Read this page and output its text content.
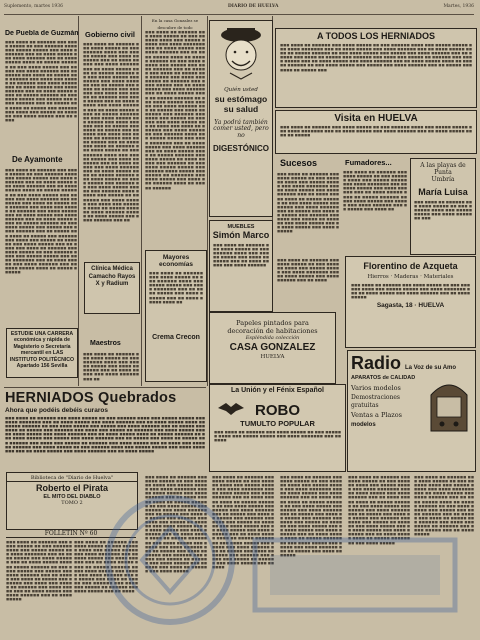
Suplemento, martes 1936	DIARIO DE HUELVA	Martes, 1936
De Puebla de Guzmán
■■■ ■■■■ ■■ ■■■■■■ ■■■ ■■■■ ■■■■■ ■■ ■■■ ■■■■■■ ■■■■ ■■■ ■■■■■ ■■■■■ ■■■ ■■■■ ■■■■■■■ ■■■ ■■ ■■■■ ■■■■■ ■■■ ■■■■ ■■■■■■ ■■■ ■■ ■■■■ ■■■■■ ■■■■ ■■ ■■■■■ ■■■■■■ ■■ ■■■ ■■■■ ■■■■■ ■■■ ■■■■■ ■■■ ■■■■ ■■■■■■ ■■■ ■■ ■■■■■ ■■■ ■■■■ ■■ ■■■■■ ■■■ ■■■■■■ ■■■ ■■■■ ■■■ ■■■■■ ■■ ■■■■■■ ■■■ ■■■■ ■■■■■ ■■■ ■■ ■■■■ ■■■■■ ■■■ ■■■■ ■■■■■■ ■■■ ■■ ■■■■ ■■■■■ ■■■■ ■■ ■■■■■ ■■■■■■ ■■ ■■■ ■■■■ ■■■■■ ■■■ ■■■■■ ■■■ ■■■■ ■■■■■■ ■■■ ■■ ■■■■■ ■■■ ■■■■ ■■ ■■■■■ ■■■ ■■■■■■ ■■■ ■■■■ ■■■ ■■■■■ ■■ ■■■■■■ ■■■ ■■■■ ■■■■■ ■■■ ■■ ■■■■
De Ayamonte
■■■ ■■■■ ■■ ■■■■■■ ■■■ ■■■■ ■■■■■ ■■ ■■■ ■■■■■■ ■■■■ ■■■ ■■■■■ ■■■■■ ■■■ ■■■■ ■■■■■■■ ■■■ ■■ ■■■■ ■■■■■ ■■■ ■■■■ ■■■■■■ ■■■ ■■ ■■■■ ■■■■■ ■■■■ ■■ ■■■■■ ■■■■■■ ■■ ■■■ ■■■■ ■■■■■ ■■■ ■■■■■ ■■■ ■■■■ ■■■■■■ ■■■ ■■ ■■■■■ ■■■ ■■■■ ■■ ■■■■■ ■■■ ■■■■■■ ■■■ ■■■■ ■■■ ■■■■■ ■■ ■■■■■■ ■■■ ■■■■ ■■■■■ ■■■ ■■ ■■■■ ■■■■■ ■■■ ■■■■ ■■■■■■ ■■■ ■■ ■■■■ ■■■■■ ■■■■ ■■ ■■■■■ ■■■■■■ ■■ ■■■ ■■■■ ■■■■■ ■■■ ■■■■■ ■■■ ■■■■ ■■■■■■ ■■■ ■■ ■■■■■ ■■■ ■■■■ ■■ ■■■■■ ■■■ ■■■■■■ ■■■ ■■■■ ■■■ ■■■■■ ■■ ■■■■■■ ■■■ ■■■■ ■■■■■ ■■■ ■■ ■■■■ ■■■ ■■■■ ■■ ■■■■■■ ■■■ ■■■■ ■■■■■ ■■ ■■■ ■■■■■■ ■■■■ ■■■ ■■■■■ ■■■■■ ■■■ ■■■■ ■■■■■■■ ■■■ ■■ ■■■■ ■■■■■ ■■■ ■■■■ ■■■■■■ ■■■ ■■ ■■■■ ■■■■■ ■■■■ ■■ ■■■■■ ■■■■■■
ESTUDIE UNA CARRERA económica y rápida de Magisterio o Secretaría mercantil en LAS INSTITUTO POLITÉCNICO Apartado 156 Sevilla
Gobierno civil
■■■ ■■■■ ■■ ■■■■■■ ■■■ ■■■■ ■■■■■ ■■ ■■■ ■■■■■■ ■■■■ ■■■ ■■■■■ ■■■■■ ■■■ ■■■■ ■■■■■■■ ■■■ ■■ ■■■■ ■■■■■ ■■■ ■■■■ ■■■■■■ ■■■ ■■ ■■■■ ■■■■■ ■■■■ ■■ ■■■■■ ■■■■■■ ■■ ■■■ ■■■■ ■■■■■ ■■■ ■■■■■ ■■■ ■■■■ ■■■■■■ ■■■ ■■ ■■■■■ ■■■ ■■■■ ■■ ■■■■■ ■■■ ■■■■■■ ■■■ ■■■■ ■■■ ■■■■■ ■■ ■■■■■■ ■■■ ■■■■ ■■■■■ ■■■ ■■ ■■■■ ■■■■■ ■■■ ■■■■ ■■■■■■ ■■■ ■■ ■■■■ ■■■■■ ■■■■ ■■ ■■■■■ ■■■■■■ ■■ ■■■ ■■■■ ■■■■■ ■■■ ■■■■■ ■■■ ■■■■ ■■■■■■ ■■■ ■■ ■■■■■ ■■■ ■■■■ ■■ ■■■■■ ■■■ ■■■■■■ ■■■ ■■■■ ■■■ ■■■■■ ■■ ■■■■■■ ■■■ ■■■■ ■■■■■ ■■■ ■■ ■■■■ ■■■ ■■■■ ■■ ■■■■■■ ■■■ ■■■■ ■■■■■ ■■ ■■■ ■■■■■■ ■■■■ ■■■ ■■■■■ ■■■■■ ■■■ ■■■■ ■■■■■■■ ■■■ ■■ ■■■■ ■■■■■ ■■■ ■■■■ ■■■■■■ ■■■ ■■ ■■■■ ■■■■■ ■■■■ ■■ ■■■■■ ■■■■■■ ■■■ ■■■■ ■■■■■ ■■ ■■■■ ■■■■■ ■■■ ■■■■■■ ■■ ■■■ ■■■■ ■■■■■ ■■■■■ ■■■ ■■■■■■ ■■■■ ■■■■■ ■■■ ■■■■■ ■■ ■■■■■■■ ■■■ ■■■■ ■■■■■ ■■■ ■■■■ ■■■ ■■■■■■ ■■■■ ■■ ■■■■■ ■■■■■■ ■■■■ ■■■■■■ ■■■■■ ■■ ■■■■ ■■■■■ ■■■ ■■■■ ■■■■■■ ■■■ ■■
Clínica Médica Camacho Rayos X y Radium
Maestros
■■■ ■■■■ ■■ ■■■■■■ ■■■ ■■■■ ■■■■■ ■■ ■■■ ■■■■■■ ■■■■ ■■■ ■■■■■ ■■■■■ ■■■ ■■■■ ■■■■■■■ ■■■ ■■ ■■■■ ■■■■■ ■■■ ■■■■ ■■■■■■ ■■■ ■■
En la casa Gonzalez se descubre de todo
Quién usted
su estómago
su salud
Ya podrá también
comer usted, pero no
DIGESTÓNICO
■■■ ■■■■ ■■ ■■■■■■ ■■■ ■■■■ ■■■■■ ■■ ■■■ ■■■■■■ ■■■■ ■■■ ■■■■■ ■■■■■ ■■■ ■■■■ ■■■■■■■ ■■■ ■■ ■■■■ ■■■■■ ■■■ ■■■■ ■■■■■■ ■■■ ■■ ■■■■ ■■■■■ ■■■■ ■■ ■■■■■ ■■■■■■ ■■ ■■■ ■■■■ ■■■■■ ■■■ ■■■■■ ■■■ ■■■■ ■■■■■■ ■■■ ■■ ■■■■■ ■■■ ■■■■ ■■ ■■■■■ ■■■ ■■■■■■ ■■■ ■■■■ ■■■ ■■■■■ ■■ ■■■■■■ ■■■ ■■■■ ■■■■■ ■■■ ■■ ■■■■ ■■■■■ ■■■ ■■■■ ■■■■■■ ■■■ ■■ ■■■■ ■■■■■ ■■■■ ■■ ■■■■■ ■■■■■■ ■■ ■■■ ■■■■ ■■■■■ ■■■ ■■■■■ ■■■ ■■■■ ■■■■■■ ■■■ ■■ ■■■■■ ■■■ ■■■■ ■■ ■■■■■ ■■■ ■■■■■■ ■■■ ■■■■ ■■■ ■■■■■ ■■ ■■■■■■ ■■■ ■■■■ ■■■■■ ■■■ ■■ ■■■■ ■■■ ■■■■ ■■ ■■■■■■ ■■■ ■■■■ ■■■■■ ■■ ■■■ ■■■■■■ ■■■■ ■■■ ■■■■■ ■■■■■ ■■■ ■■■■ ■■■■■■■ ■■■ ■■ ■■■■ ■■■■■ ■■■ ■■■■ ■■■■■■ ■■■ ■■ ■■■■ ■■■■■ ■■■■ ■■ ■■■■■ ■■■■■■ ■■■ ■■■■ ■■■■■ ■■ ■■■■ ■■■■■ ■■■ ■■■■■■ ■■ ■■■ ■■■■ ■■■■■ ■■■■■ ■■■ ■■■■■■ ■■■■ ■■■■■ ■■■ ■■■■■ ■■ ■■■■■■■ ■■■ ■■■■ ■■■■■ ■■■ ■■■■ ■■■ ■■■■■■ ■■■■ ■■ ■■■■■ ■■■■■■
Mayores economías
■■■ ■■■■ ■■ ■■■■■■ ■■■ ■■■■ ■■■■■ ■■ ■■■ ■■■■■■ ■■■■ ■■■ ■■■■■ ■■■■■ ■■■ ■■■■ ■■■■■■■ ■■■ ■■ ■■■■ ■■■■■ ■■■ ■■■■ ■■■■■■ ■■■ ■■ ■■■■ ■■■■■ ■■■■ ■■
Crema Crecon
MUEBLES
Simón Marco
■■■ ■■■■ ■■ ■■■■■■ ■■■ ■■■■ ■■■■■ ■■ ■■■ ■■■■■■ ■■■■ ■■■ ■■■■■ ■■■■■ ■■■ ■■■■ ■■■■■■■ ■■■ ■■ ■■■■ ■■■■■ ■■■ ■■■■ ■■■■■■
Papeles pintados para
decoración de habitaciones
Espléndida colección
CASA GONZALEZ
HUELVA
A TODOS LOS HERNIADOS
■■■ ■■■■ ■■ ■■■■■■ ■■■ ■■■■ ■■■■■ ■■ ■■■ ■■■■■■ ■■■■ ■■■ ■■■■■ ■■■■■ ■■■ ■■■■ ■■■■■■■ ■■■ ■■ ■■■■ ■■■■■ ■■■ ■■■■ ■■■■■■ ■■■ ■■ ■■■■ ■■■■■ ■■■■ ■■ ■■■■■ ■■■■■■ ■■ ■■■ ■■■■ ■■■■■ ■■■ ■■■■■ ■■■ ■■■■ ■■■■■■ ■■■ ■■ ■■■■■ ■■■ ■■■■ ■■ ■■■■■ ■■■ ■■■■■■ ■■■ ■■■■ ■■■ ■■■■■ ■■ ■■■■■■ ■■■ ■■■■ ■■■■■ ■■■ ■■ ■■■■ ■■■■■ ■■■ ■■■■ ■■■■■■ ■■■ ■■ ■■■■ ■■■■■ ■■■■ ■■ ■■■■■ ■■■■■■ ■■ ■■■ ■■■■ ■■■■■ ■■■ ■■■■■ ■■■ ■■■■ ■■■■■■ ■■■ ■■ ■■■■■ ■■■ ■■■■ ■■ ■■■■■ ■■■
Visita en HUELVA
■■■ ■■■■ ■■ ■■■■■■ ■■■ ■■■■ ■■■■■ ■■ ■■■ ■■■■■■ ■■■■ ■■■ ■■■■■ ■■■■■ ■■■ ■■■■ ■■■■■■■ ■■■ ■■ ■■■■ ■■■■■ ■■■ ■■■■ ■■■■■■ ■■■ ■■ ■■■■ ■■■■■ ■■■■ ■■ ■■■■■
Sucesos
■■■ ■■■■ ■■ ■■■■■■ ■■■ ■■■■ ■■■■■ ■■ ■■■ ■■■■■■ ■■■■ ■■■ ■■■■■ ■■■■■ ■■■ ■■■■ ■■■■■■■ ■■■ ■■ ■■■■ ■■■■■ ■■■ ■■■■ ■■■■■■ ■■■ ■■ ■■■■ ■■■■■ ■■■■ ■■ ■■■■■ ■■■■■■ ■■ ■■■ ■■■■ ■■■■■ ■■■ ■■■■■ ■■■ ■■■■ ■■■■■■ ■■■ ■■ ■■■■■ ■■■ ■■■■ ■■ ■■■■■ ■■■ ■■■■■■ ■■■ ■■■■ ■■■ ■■■■■ ■■ ■■■■■■ ■■■ ■■■■ ■■■■■ ■■■ ■■ ■■■■ ■■■■■ ■■■ ■■■■ ■■■■■■
Fumadores...
■■■ ■■■■ ■■ ■■■■■■ ■■■ ■■■■ ■■■■■ ■■ ■■■ ■■■■■■ ■■■■ ■■■ ■■■■■ ■■■■■ ■■■ ■■■■ ■■■■■■■ ■■■ ■■ ■■■■ ■■■■■ ■■■ ■■■■ ■■■■■■ ■■■ ■■ ■■■■ ■■■■■ ■■■■ ■■ ■■■■■ ■■■■■■ ■■ ■■■ ■■■■ ■■■■■ ■■■ ■■■■■ ■■■ ■■■■ ■■■■■■ ■■■ ■■ ■■■■■ ■■■ ■■■■ ■■
A las playas de Punta
Umbría
María Luisa
■■■ ■■■■ ■■ ■■■■■■ ■■■ ■■■■ ■■■■■ ■■ ■■■ ■■■■■■ ■■■■ ■■■ ■■■■■ ■■■■■ ■■■ ■■■■ ■■■■■■■ ■■■
Florentino de Azqueta
Hierros · Maderas · Materiales
■■■ ■■■■ ■■ ■■■■■■ ■■■ ■■■■ ■■■■■ ■■ ■■■ ■■■■■■ ■■■■ ■■■ ■■■■■ ■■■■■ ■■■ ■■■■ ■■■■■■■ ■■■ ■■ ■■■■ ■■■■■ ■■■ ■■■■ ■■■■■■ ■■■ ■■ ■■■■ ■■■■■
Sagasta, 18 · HUELVA
■■■ ■■■■ ■■ ■■■■■■ ■■■ ■■■■ ■■■■■ ■■ ■■■ ■■■■■■ ■■■■ ■■■ ■■■■■ ■■■■■ ■■■ ■■■■ ■■■■■■■ ■■■ ■■ ■■■■ ■■■■■ ■■■ ■■■■ ■■■■■■ ■■■ ■■ ■■■■
La Unión y el Fénix Español
ROBO
TUMULTO POPULAR
■■■ ■■■■ ■■ ■■■■■■ ■■■ ■■■■ ■■■■■ ■■ ■■■ ■■■■■■ ■■■■ ■■■ ■■■■■ ■■■■■ ■■■ ■■■■ ■■■■■■■ ■■■ ■■ ■■■■
Radio La Voz de su Amo
APARATOS de CALIDAD
Varios modelos
Demostraciones
gratuitas
Ventas a Plazos
modelos
HERNIADOS Quebrados
Ahora que podéis debéis curaros
■■■ ■■■■ ■■ ■■■■■■ ■■■ ■■■■ ■■■■■ ■■ ■■■ ■■■■■■ ■■■■ ■■■ ■■■■■ ■■■■■ ■■■ ■■■■ ■■■■■■■ ■■■ ■■ ■■■■ ■■■■■ ■■■ ■■■■ ■■■■■■ ■■■ ■■ ■■■■ ■■■■■ ■■■■ ■■ ■■■■■ ■■■■■■ ■■ ■■■ ■■■■ ■■■■■ ■■■ ■■■■■ ■■■ ■■■■ ■■■■■■ ■■■ ■■ ■■■■■ ■■■ ■■■■ ■■ ■■■■■ ■■■ ■■■■■■ ■■■ ■■■■ ■■■ ■■■■■ ■■ ■■■■■■ ■■■ ■■■■ ■■■■■ ■■■ ■■ ■■■■ ■■■■■ ■■■ ■■■■ ■■■■■■ ■■■ ■■ ■■■■ ■■■■■ ■■■■ ■■ ■■■■■ ■■■■■■ ■■ ■■■ ■■■■ ■■■■■ ■■■ ■■■■■ ■■■ ■■■■ ■■■■■■ ■■■ ■■ ■■■■■ ■■■ ■■■■ ■■ ■■■■■ ■■■ ■■■■■■ ■■■ ■■■■ ■■■ ■■■■■ ■■ ■■■■■■ ■■■ ■■■■ ■■■■■ ■■■ ■■ ■■■■ ■■■ ■■■■ ■■ ■■■■■■ ■■■ ■■■■ ■■■■■ ■■ ■■■ ■■■■■■ ■■■■ ■■■ ■■■■■ ■■■■■ ■■■ ■■■■ ■■■■■■■ ■■■ ■■ ■■■■ ■■■■■ ■■■ ■■■■ ■■■■■■ ■■■ ■■ ■■■■ ■■■■■
Biblioteca de "Diario de Huelva"
Roberto el Pirata
EL MITO DEL DIABLO
TOMO 2
FOLLETIN Nº 60
■■■ ■■■■ ■■ ■■■■■■ ■■■ ■■■■ ■■■■■ ■■ ■■■ ■■■■■■ ■■■■ ■■■ ■■■■■ ■■■■■ ■■■ ■■■■ ■■■■■■■ ■■■ ■■ ■■■■ ■■■■■ ■■■ ■■■■ ■■■■■■ ■■■ ■■ ■■■■ ■■■■■ ■■■■ ■■ ■■■■■ ■■■■■■ ■■ ■■■ ■■■■ ■■■■■ ■■■ ■■■■■ ■■■ ■■■■ ■■■■■■ ■■■ ■■ ■■■■■ ■■■ ■■■■ ■■ ■■■■■ ■■■ ■■■■■■ ■■■ ■■■■ ■■■ ■■■■■ ■■ ■■■■■■ ■■■ ■■■■ ■■■■■ ■■■ ■■ ■■■■ ■■■■■ ■■■ ■■■■ ■■■■■■ ■■■ ■■ ■■■■ ■■■■■
■■■ ■■■■ ■■ ■■■■■■ ■■■ ■■■■ ■■■■■ ■■ ■■■ ■■■■■■ ■■■■ ■■■ ■■■■■ ■■■■■ ■■■ ■■■■ ■■■■■■■ ■■■ ■■ ■■■■ ■■■■■ ■■■ ■■■■ ■■■■■■ ■■■ ■■ ■■■■ ■■■■■ ■■■■ ■■ ■■■■■ ■■■■■■ ■■ ■■■ ■■■■ ■■■■■ ■■■ ■■■■■ ■■■ ■■■■ ■■■■■■ ■■■ ■■ ■■■■■ ■■■ ■■■■ ■■ ■■■■■ ■■■ ■■■■■■ ■■■ ■■■■ ■■■ ■■■■■ ■■ ■■■■■■ ■■■ ■■■■ ■■■■■ ■■■ ■■ ■■■■
■■■ ■■■■ ■■ ■■■■■■ ■■■ ■■■■ ■■■■■ ■■ ■■■ ■■■■■■ ■■■■ ■■■ ■■■■■ ■■■■■ ■■■ ■■■■ ■■■■■■■ ■■■ ■■ ■■■■ ■■■■■ ■■■ ■■■■ ■■■■■■ ■■■ ■■ ■■■■ ■■■■■ ■■■■ ■■ ■■■■■ ■■■■■■ ■■ ■■■ ■■■■ ■■■■■ ■■■ ■■■■■ ■■■ ■■■■ ■■■■■■ ■■■ ■■ ■■■■■ ■■■ ■■■■ ■■ ■■■■■ ■■■ ■■■■■■ ■■■ ■■■■ ■■■ ■■■■■ ■■ ■■■■■■ ■■■ ■■■■ ■■■■■ ■■■ ■■ ■■■■ ■■■■■ ■■■ ■■■■ ■■■■■■ ■■■ ■■ ■■■■ ■■■■■ ■■■■ ■■ ■■■■■ ■■■■■■ ■■ ■■■ ■■■■ ■■■■■ ■■■ ■■■■■ ■■■ ■■■■ ■■■■■■ ■■■ ■■ ■■■■■ ■■■ ■■■■ ■■ ■■■■■ ■■■ ■■■■■■ ■■■ ■■■■ ■■■ ■■■■■ ■■ ■■■■■■ ■■■ ■■■■ ■■■■■ ■■■ ■■ ■■■■ ■■■ ■■■■ ■■ ■■■■■■ ■■■ ■■■■ ■■■■■
■■■ ■■■■ ■■ ■■■■■■ ■■■ ■■■■ ■■■■■ ■■ ■■■ ■■■■■■ ■■■■ ■■■ ■■■■■ ■■■■■ ■■■ ■■■■ ■■■■■■■ ■■■ ■■ ■■■■ ■■■■■ ■■■ ■■■■ ■■■■■■ ■■■ ■■ ■■■■ ■■■■■ ■■■■ ■■ ■■■■■ ■■■■■■ ■■ ■■■ ■■■■ ■■■■■ ■■■ ■■■■■ ■■■ ■■■■ ■■■■■■ ■■■ ■■ ■■■■■ ■■■ ■■■■ ■■ ■■■■■ ■■■ ■■■■■■ ■■■ ■■■■ ■■■ ■■■■■ ■■ ■■■■■■ ■■■ ■■■■ ■■■■■ ■■■ ■■ ■■■■ ■■■■■ ■■■ ■■■■ ■■■■■■ ■■■ ■■ ■■■■ ■■■■■ ■■■■ ■■ ■■■■■ ■■■■■■ ■■ ■■■ ■■■■ ■■■■■ ■■■ ■■■■■ ■■■ ■■■■ ■■■■■■ ■■■ ■■ ■■■■■ ■■■ ■■■■ ■■ ■■■■■ ■■■ ■■■■■■ ■■■ ■■■■ ■■■ ■■■■■ ■■ ■■■■■■ ■■■ ■■■■ ■■■■■ ■■■ ■■ ■■■■
■■■ ■■■■ ■■ ■■■■■■ ■■■ ■■■■ ■■■■■ ■■ ■■■ ■■■■■■ ■■■■ ■■■ ■■■■■ ■■■■■ ■■■ ■■■■ ■■■■■■■ ■■■ ■■ ■■■■ ■■■■■ ■■■ ■■■■ ■■■■■■ ■■■ ■■ ■■■■ ■■■■■ ■■■■ ■■ ■■■■■ ■■■■■■ ■■ ■■■ ■■■■ ■■■■■ ■■■ ■■■■■ ■■■ ■■■■ ■■■■■■ ■■■ ■■ ■■■■■ ■■■ ■■■■ ■■ ■■■■■ ■■■ ■■■■■■ ■■■ ■■■■ ■■■ ■■■■■ ■■ ■■■■■■ ■■■ ■■■■ ■■■■■ ■■■ ■■ ■■■■ ■■■■■ ■■■ ■■■■ ■■■■■■ ■■■ ■■ ■■■■ ■■■■■ ■■■■ ■■ ■■■■■ ■■■■■■ ■■ ■■■ ■■■■ ■■■■■ ■■■ ■■■■■ ■■■ ■■■■ ■■■■■■ ■■■ ■■ ■■■■■ ■■■ ■■■■ ■■ ■■■■■
■■■ ■■■■ ■■ ■■■■■■ ■■■ ■■■■ ■■■■■ ■■ ■■■ ■■■■■■ ■■■■ ■■■ ■■■■■ ■■■■■ ■■■ ■■■■ ■■■■■■■ ■■■ ■■ ■■■■ ■■■■■ ■■■ ■■■■ ■■■■■■ ■■■ ■■ ■■■■ ■■■■■ ■■■■ ■■ ■■■■■ ■■■■■■ ■■ ■■■ ■■■■ ■■■■■ ■■■ ■■■■■ ■■■ ■■■■ ■■■■■■ ■■■ ■■ ■■■■■ ■■■ ■■■■ ■■ ■■■■■ ■■■ ■■■■■■ ■■■ ■■■■ ■■■ ■■■■■ ■■ ■■■■■■ ■■■ ■■■■ ■■■■■ ■■■ ■■ ■■■■ ■■■■■ ■■■ ■■■■ ■■■■■■ ■■■ ■■ ■■■■ ■■■■■ ■■■■ ■■ ■■■■■ ■■■■■■ ■■ ■■■ ■■■■ ■■■■■
■■■ ■■■■ ■■ ■■■■■■ ■■■ ■■■■ ■■■■■ ■■ ■■■ ■■■■■■ ■■■■ ■■■ ■■■■■ ■■■■■ ■■■ ■■■■ ■■■■■■■ ■■■ ■■ ■■■■ ■■■■■ ■■■ ■■■■ ■■■■■■ ■■■ ■■ ■■■■ ■■■■■ ■■■■ ■■ ■■■■■ ■■■■■■ ■■ ■■■ ■■■■ ■■■■■ ■■■ ■■■■■ ■■■ ■■■■ ■■■■■■ ■■■ ■■ ■■■■■ ■■■ ■■■■ ■■ ■■■■■ ■■■ ■■■■■■ ■■■ ■■■■ ■■■ ■■■■■ ■■ ■■■■■■ ■■■ ■■■■ ■■■■■ ■■■ ■■ ■■■■ ■■■■■
